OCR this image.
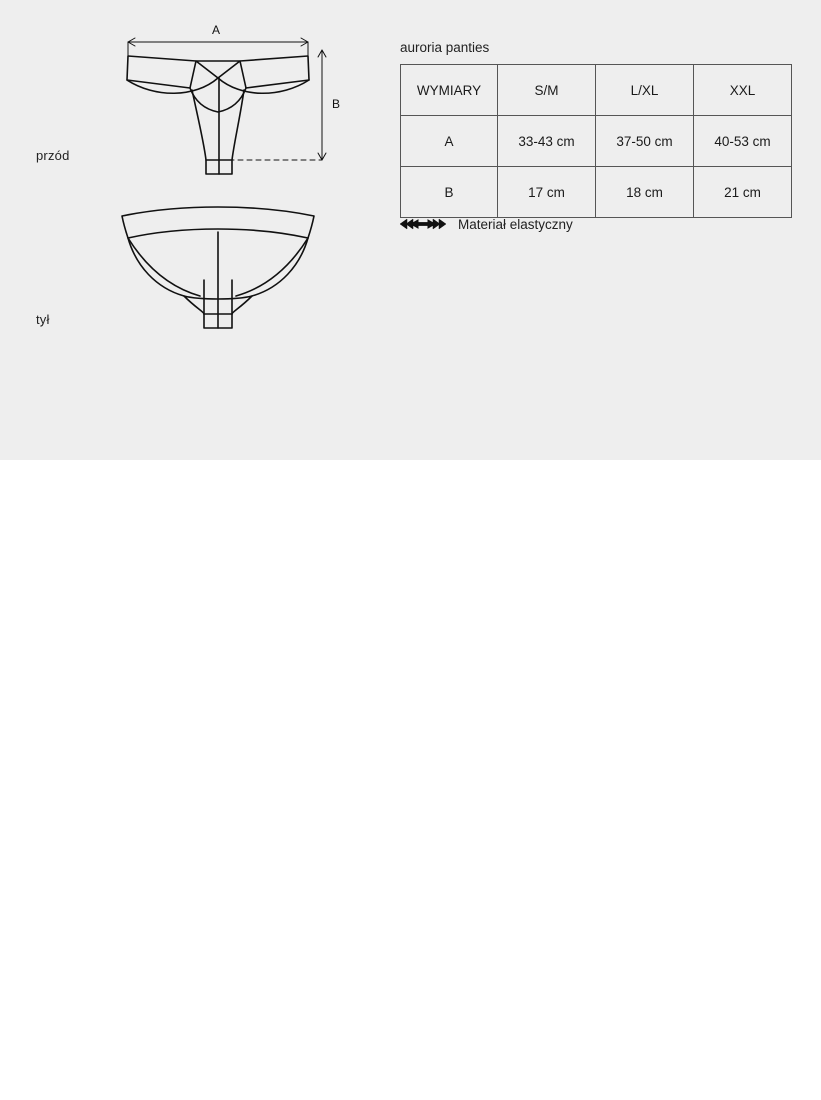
przód
tył
A
B
auroria panties
WYMIARY	S/M	L/XL	XXL
A	33-43 cm	37-50 cm	40-53 cm
B	17 cm	18 cm	21 cm
Materiał elastyczny
